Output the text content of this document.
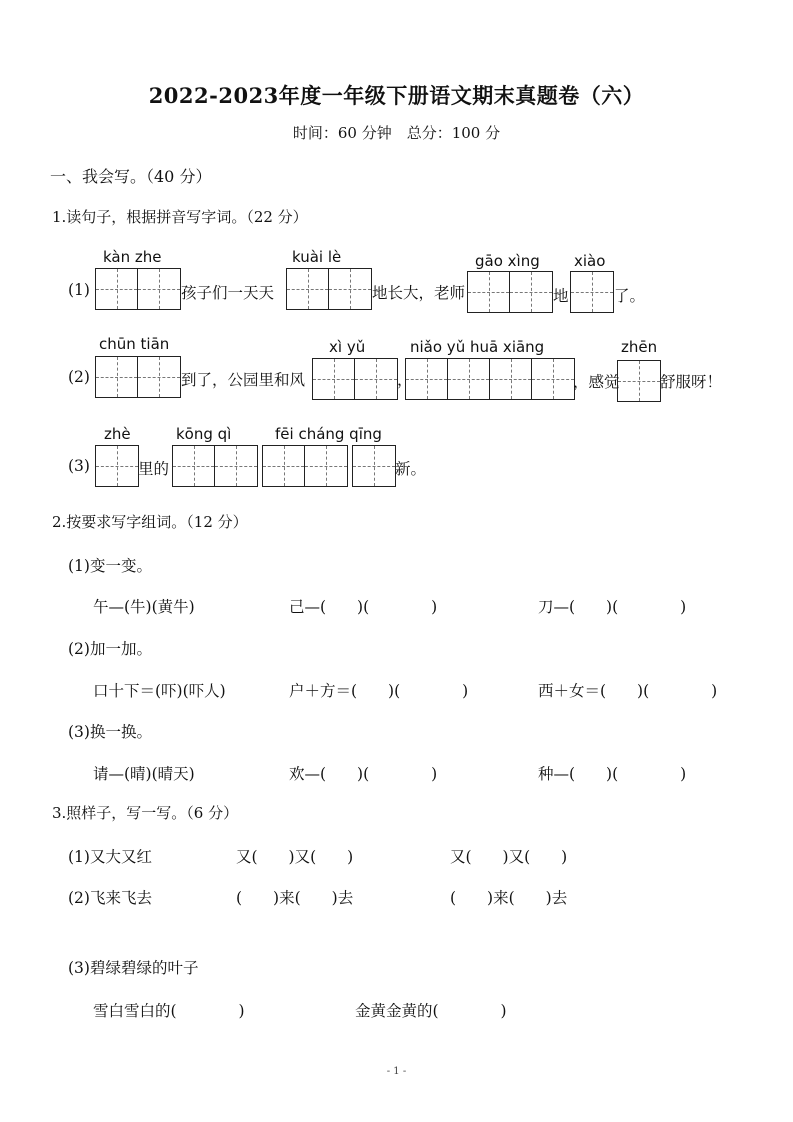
2022-2023年度一年级下册语文期末真题卷（六）
时间：60 分钟　总分：100 分
一、我会写。（40 分）
1.读句子，根据拼音写字词。（22 分）
kàn zhe	kuài lè	gāo xìng xiào
(1)	孩子们一天天	地长大，老师	地	了。
chūn tiān	xì yǔ	niǎo yǔ huā xiāng	zhēn
(2)	到了，公园里和风	，	，感觉	舒服呀！
zhè	kōng qì	fēi cháng qīng
(3)	里的	新。
2.按要求写字组词。（12 分）
(1)变一变。
午—(牛)(黄牛)	己—(　　)(　　　　)	刀—(　　)(　　　　)
(2)加一加。
口十下＝(吓)(吓人)	户＋方＝(　　)(　　　　)	西＋女＝(　　)(　　　　)
(3)换一换。
请—(晴)(晴天)	欢—(　　)(　　　　)	种—(　　)(　　　　)
3.照样子，写一写。（6 分）
(1)又大又红	又(　　)又(　　)	又(　　)又(　　)
(2)飞来飞去	(　　)来(　　)去	(　　)来(　　)去
(3)碧绿碧绿的叶子
雪白雪白的(　　　　)	金黄金黄的(　　　　)
- 1 -
